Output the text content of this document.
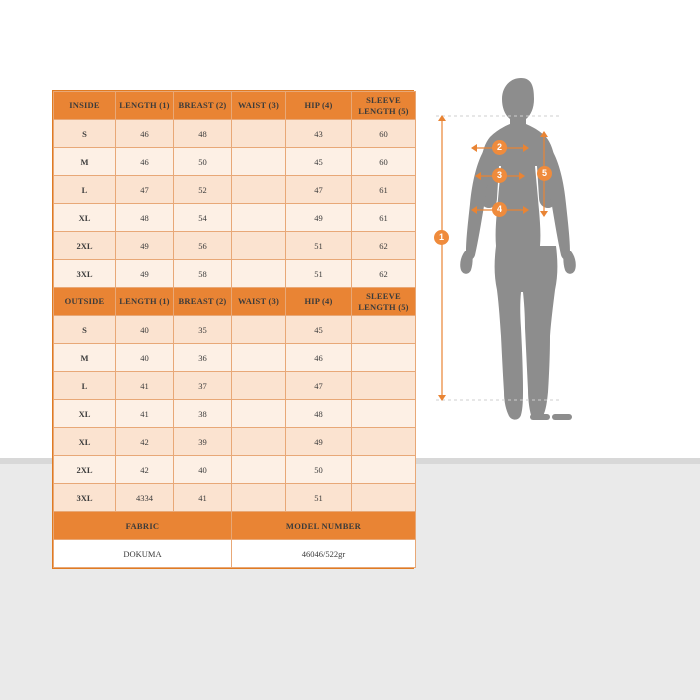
INSIDE	LENGTH (1)	BREAST (2)	WAIST (3)	HIP (4)	SLEEVE LENGTH (5)
S	46	48		43	60
M	46	50		45	60
L	47	52		47	61
XL	48	54		49	61
2XL	49	56		51	62
3XL	49	58		51	62
OUTSIDE	LENGTH (1)	BREAST (2)	WAIST (3)	HIP (4)	SLEEVE LENGTH (5)
S	40	35		45	
M	40	36		46	
L	41	37		47	
XL	41	38		48	
XL	42	39		49	
2XL	42	40		50	
3XL	4334	41		51	
FABRIC			MODEL NUMBER		
DOKUMA			46046/522gr		
1
2
3
4
5
